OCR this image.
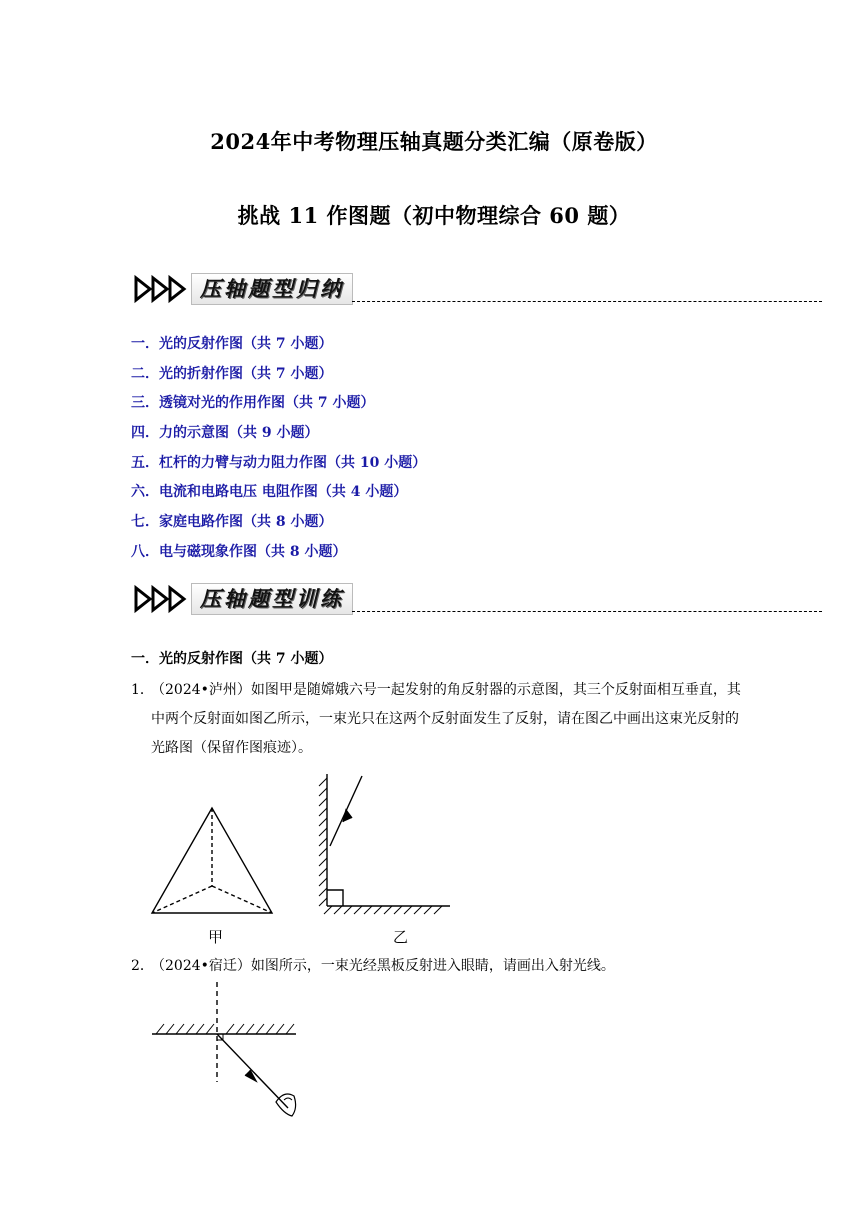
2024年中考物理压轴真题分类汇编（原卷版）
挑战 11 作图题（初中物理综合 60 题）
压轴题型归纳
一．光的反射作图（共 7 小题）
二．光的折射作图（共 7 小题）
三．透镜对光的作用作图（共 7 小题）
四．力的示意图（共 9 小题）
五．杠杆的力臂与动力阻力作图（共 10 小题）
六．电流和电路电压 电阻作图（共 4 小题）
七．家庭电路作图（共 8 小题）
八．电与磁现象作图（共 8 小题）
压轴题型训练
一．光的反射作图（共 7 小题）
1．
（2024•泸州）如图甲是随嫦娥六号一起发射的角反射器的示意图，其三个反射面相互垂直，其中两个反射面如图乙所示，一束光只在这两个反射面发生了反射，请在图乙中画出这束光反射的光路图（保留作图痕迹）。
甲	乙
2．
（2024•宿迁）如图所示，一束光经黑板反射进入眼睛，请画出入射光线。
